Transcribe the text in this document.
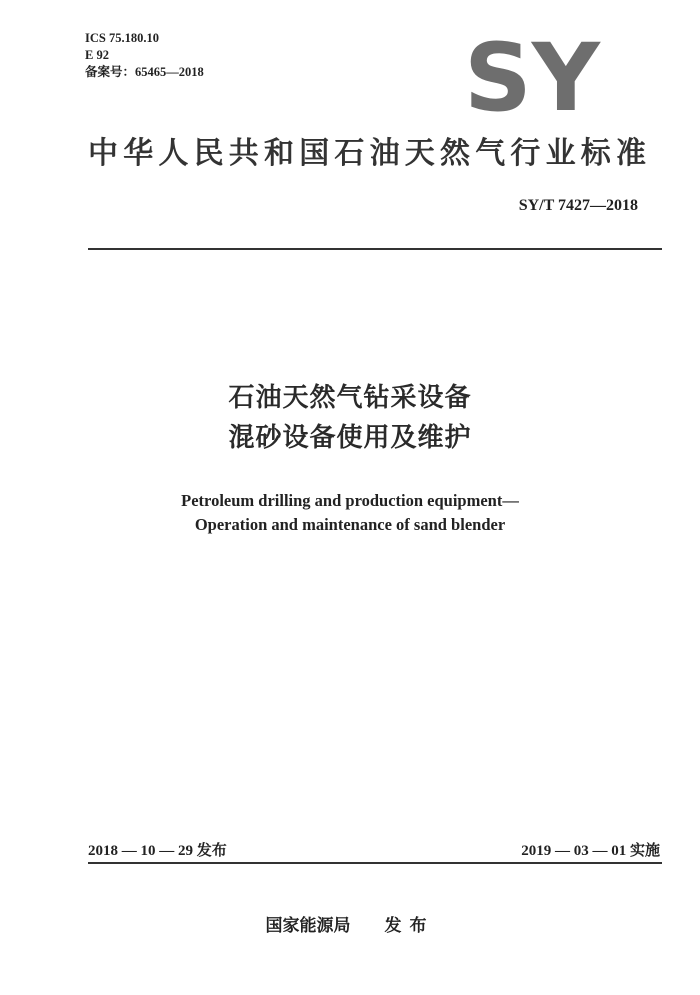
ICS 75.180.10
E 92
备案号：65465—2018	SY
中华人民共和国石油天然气行业标准
SY/T 7427—2018
石油天然气钻采设备
混砂设备使用及维护
Petroleum drilling and production equipment—
Operation and maintenance of sand blender
2018 — 10 — 29 发布	2019 — 03 — 01 实施
国家能源局 发布
